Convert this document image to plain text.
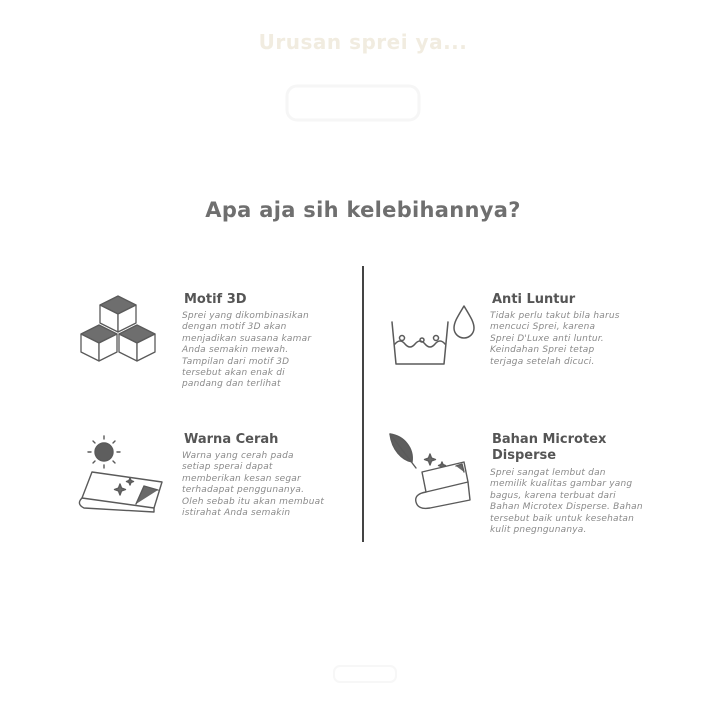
Urusan sprei ya...
Apa aja sih kelebihannya?

Motif 3D

Sprei yang dikombinasikan
dengan motif 3D akan
menjadikan suasana kamar
Anda semakin mewah.
Tampilan dari motif 3D
tersebut akan enak di
pandang dan terlihat

Anti Luntur

Tidak perlu takut bila harus
mencuci Sprei, karena
Sprei D'Luxe anti luntur.
Keindahan Sprei tetap
terjaga setelah dicuci.

Warna Cerah

Warna yang cerah pada
setiap sperai dapat
memberikan kesan segar
terhadapat penggunanya.
Oleh sebab itu akan membuat
istirahat Anda semakin

Bahan Microtex
Disperse

Sprei sangat lembut dan
memilik kualitas gambar yang
bagus, karena terbuat dari
Bahan Microtex Disperse. Bahan
tersebut baik untuk kesehatan
kulit pnegngunanya.
